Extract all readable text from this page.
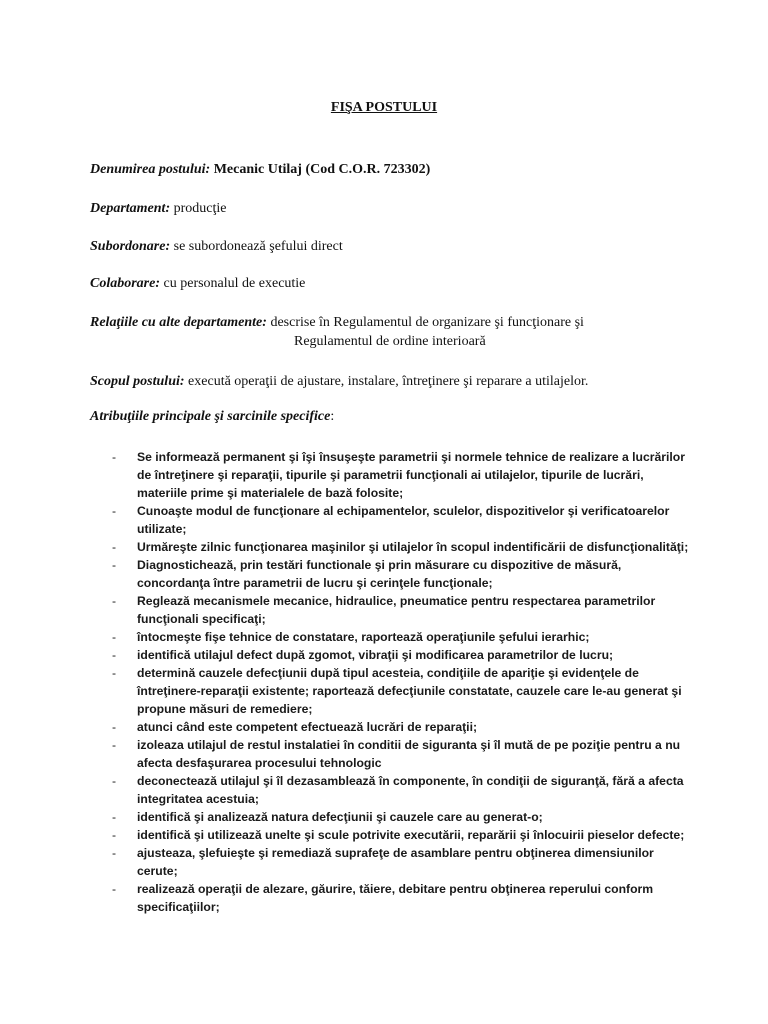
FIŞA POSTULUI
Denumirea postului: Mecanic Utilaj (Cod C.O.R. 723302)
Departament: producţie
Subordonare: se subordonează şefului direct
Colaborare: cu personalul de executie
Relaţiile cu alte departamente: descrise în Regulamentul de organizare şi funcţionare şi
Regulamentul de ordine interioară
Scopul postului: execută operaţii de ajustare, instalare, întreţinere şi reparare a utilajelor.
Atribuţiile principale şi sarcinile specifice:
- Se informează permanent şi îşi însuşeşte parametrii şi normele tehnice de realizare a lucrărilor de întreţinere şi reparaţii, tipurile şi parametrii funcţionali ai utilajelor, tipurile de lucrări, materiile prime şi materialele de bază folosite;
- Cunoaşte modul de funcţionare al echipamentelor, sculelor, dispozitivelor şi verificatoarelor utilizate;
- Urmăreşte zilnic funcţionarea maşinilor şi utilajelor în scopul indentificării de disfuncţionalităţi;
- Diagnostichează, prin testări functionale şi prin măsurare cu dispozitive de măsură, concordanţa între parametrii de lucru şi cerinţele funcţionale;
- Reglează mecanismele mecanice, hidraulice, pneumatice pentru respectarea parametrilor funcţionali specificaţi;
- întocmeşte fişe tehnice de constatare, raportează operaţiunile şefului ierarhic;
- identifică utilajul defect după zgomot, vibraţii şi modificarea parametrilor de lucru;
- determină cauzele defecţiunii după tipul acesteia, condiţiile de apariţie şi evidenţele de întreţinere-reparaţii existente; raportează defecţiunile constatate, cauzele care le-au generat şi propune măsuri de remediere;
- atunci când este competent efectuează lucrări de reparaţii;
- izoleaza utilajul de restul instalatiei în conditii de siguranta şi îl mută de pe poziţie pentru a nu afecta desfaşurarea procesului tehnologic
- deconectează utilajul şi îl dezasamblează în componente, în condiţii de siguranţă, fără a afecta integritatea acestuia;
- identifică şi analizează natura defecţiunii şi cauzele care au generat-o;
- identifică şi utilizează unelte şi scule potrivite executării, reparării şi înlocuirii pieselor defecte;
- ajusteaza, şlefuieşte şi remediază suprafeţe de asamblare pentru obţinerea dimensiunilor cerute;
- realizează operaţii de alezare, găurire, tăiere, debitare pentru obţinerea reperului conform specificaţiilor;
